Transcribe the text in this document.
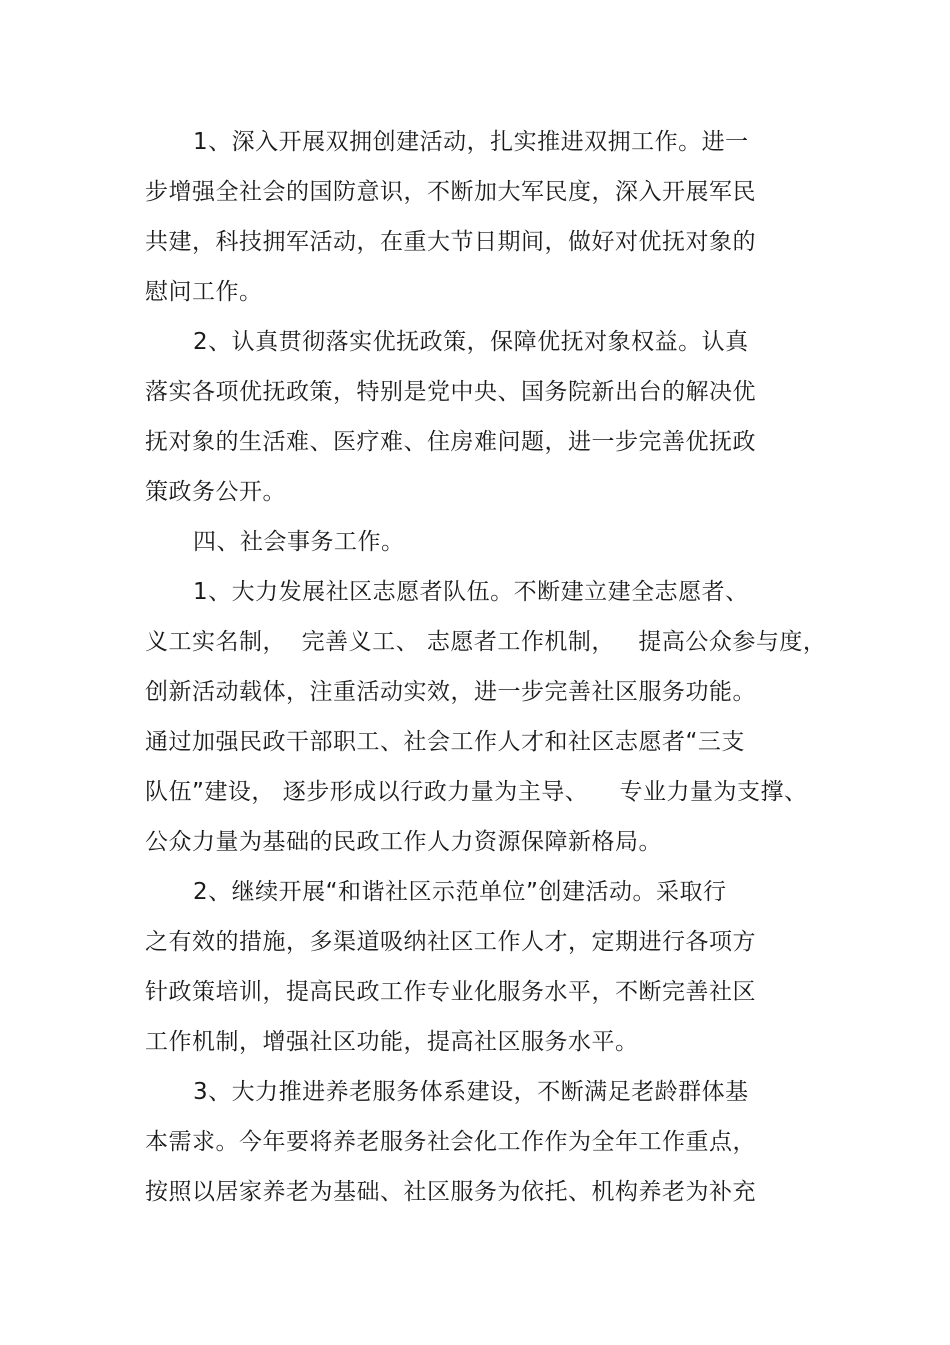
1、深入开展双拥创建活动，扎实推进双拥工作。进一
步增强全社会的国防意识，不断加大军民度，深入开展军民
共建，科技拥军活动，在重大节日期间，做好对优抚对象的
慰问工作。
2、认真贯彻落实优抚政策，保障优抚对象权益。认真
落实各项优抚政策，特别是党中央、国务院新出台的解决优
抚对象的生活难、医疗难、住房难问题，进一步完善优抚政
策政务公开。
四、社会事务工作。
1、大力发展社区志愿者队伍。不断建立建全志愿者、
义工实名制，  完善义工、 志愿者工作机制，   提高公众参与度，
创新活动载体，注重活动实效，进一步完善社区服务功能。
通过加强民政干部职工、社会工作人才和社区志愿者“三支
队伍”建设， 逐步形成以行政力量为主导、    专业力量为支撑、
公众力量为基础的民政工作人力资源保障新格局。
2、继续开展“和谐社区示范单位”创建活动。采取行
之有效的措施，多渠道吸纳社区工作人才，定期进行各项方
针政策培训，提高民政工作专业化服务水平，不断完善社区
工作机制，增强社区功能，提高社区服务水平。
3、大力推进养老服务体系建设，不断满足老龄群体基
本需求。今年要将养老服务社会化工作作为全年工作重点，
按照以居家养老为基础、社区服务为依托、机构养老为补充
